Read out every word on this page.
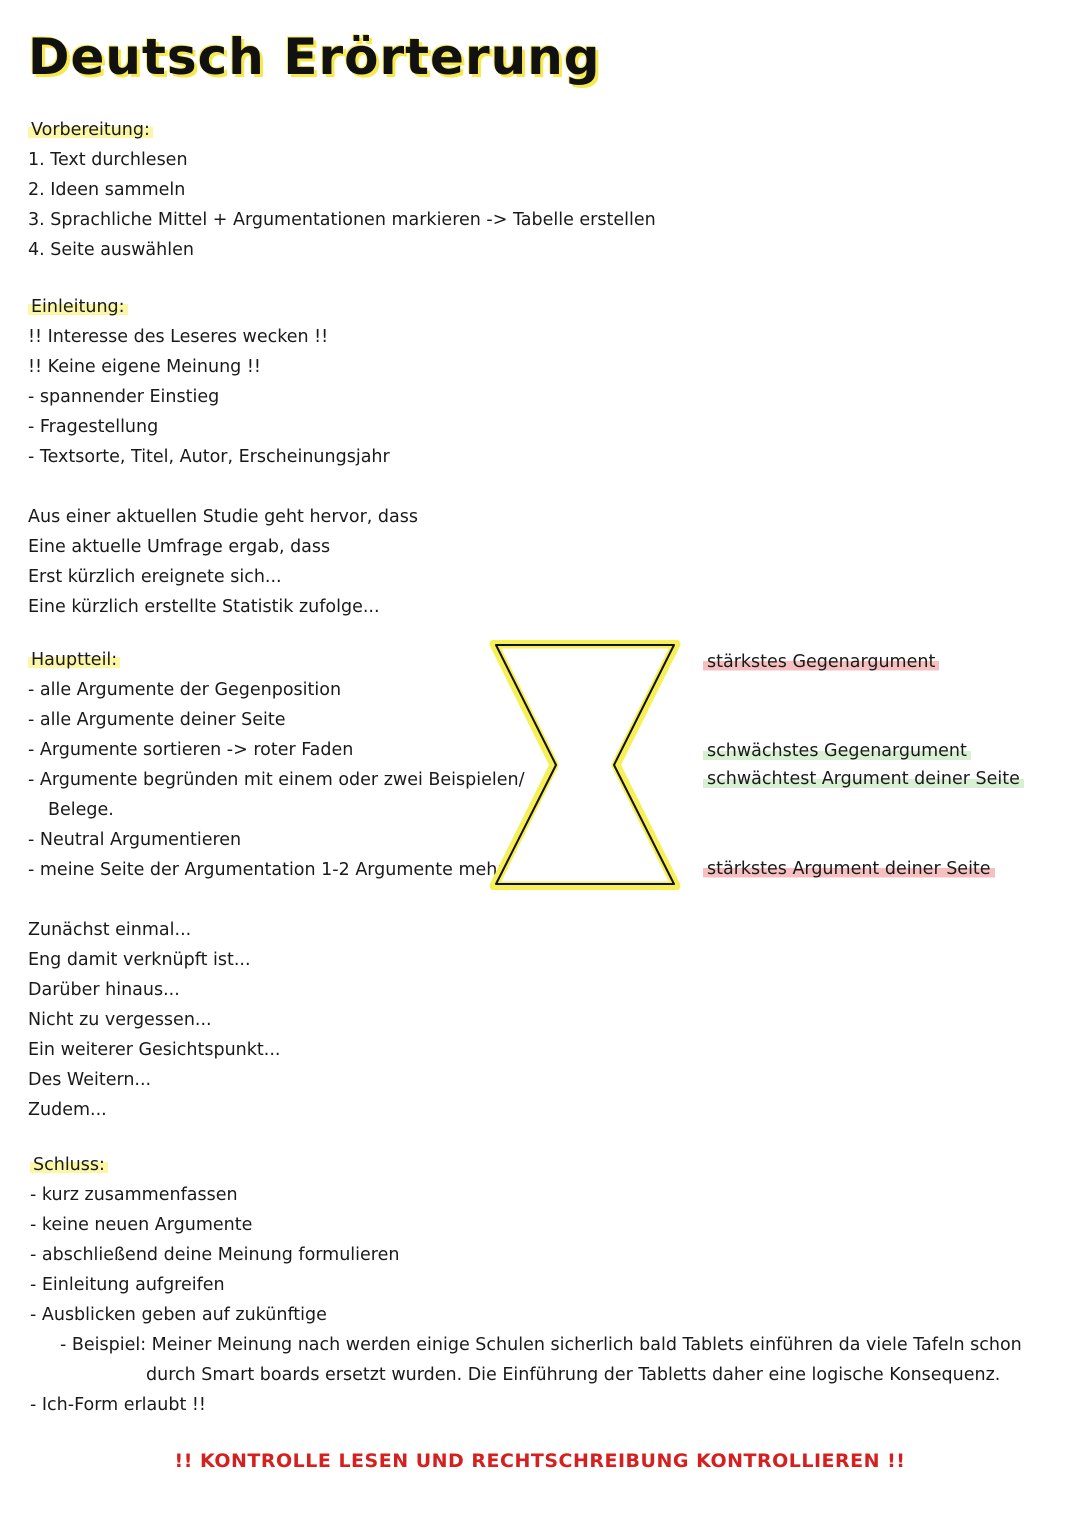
Deutsch Erörterung
Vorbereitung:
1. Text durchlesen
2. Ideen sammeln
3. Sprachliche Mittel + Argumentationen markieren -> Tabelle erstellen
4. Seite auswählen
Einleitung:
!! Interesse des Leseres wecken !!
!! Keine eigene Meinung !!
- spannender Einstieg
- Fragestellung
- Textsorte, Titel, Autor, Erscheinungsjahr
Aus einer aktuellen Studie geht hervor, dass
Eine aktuelle Umfrage ergab, dass
Erst kürzlich ereignete sich...
Eine kürzlich erstellte Statistik zufolge...
Hauptteil:
- alle Argumente der Gegenposition
- alle Argumente deiner Seite
- Argumente sortieren -> roter Faden
- Argumente begründen mit einem oder zwei Beispielen/
Belege.
- Neutral Argumentieren
- meine Seite der Argumentation 1-2 Argumente mehr
stärkstes Gegenargument
schwächstes Gegenargument
schwächtest Argument deiner Seite
stärkstes Argument deiner Seite
Zunächst einmal...
Eng damit verknüpft ist...
Darüber hinaus...
Nicht zu vergessen...
Ein weiterer Gesichtspunkt...
Des Weitern...
Zudem...
Schluss:
- kurz zusammenfassen
- keine neuen Argumente
- abschließend deine Meinung formulieren
- Einleitung aufgreifen
- Ausblicken geben auf zukünftige
- Beispiel: Meiner Meinung nach werden einige Schulen sicherlich bald Tablets einführen da viele Tafeln schon
durch Smart boards ersetzt wurden. Die Einführung der Tabletts daher eine logische Konsequenz.
- Ich-Form erlaubt !!
!! KONTROLLE LESEN UND RECHTSCHREIBUNG KONTROLLIEREN !!
